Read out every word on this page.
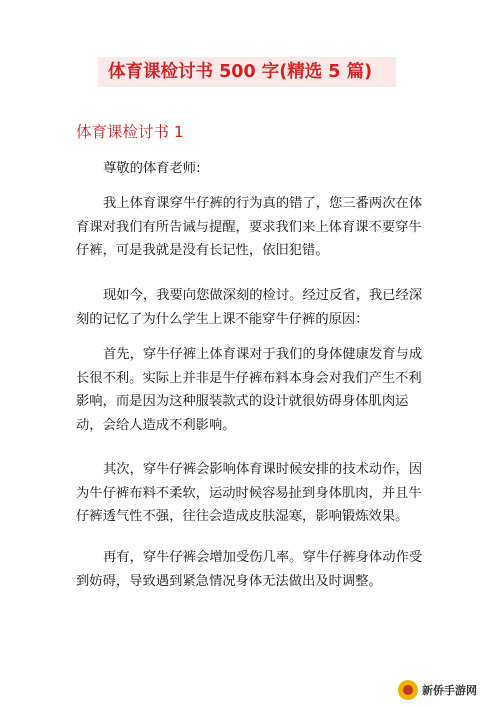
体育课检讨书 500 字(精选 5 篇)
体育课检讨书 1

尊敬的体育老师:

我上体育课穿牛仔裤的行为真的错了，您三番两次在体育课对我们有所告诫与提醒，要求我们来上体育课不要穿牛仔裤，可是我就是没有长记性，依旧犯错。

现如今，我要向您做深刻的检讨。经过反省，我已经深刻的记忆了为什么学生上课不能穿牛仔裤的原因：

首先，穿牛仔裤上体育课对于我们的身体健康发育与成长很不利。实际上并非是牛仔裤布料本身会对我们产生不利影响，而是因为这种服装款式的设计就很妨碍身体肌肉运动，会给人造成不利影响。

其次，穿牛仔裤会影响体育课时候安排的技术动作，因为牛仔裤布料不柔软，运动时候容易扯到身体肌肉，并且牛仔裤透气性不强，往往会造成皮肤湿寒，影响锻炼效果。

再有，穿牛仔裤会增加受伤几率。穿牛仔裤身体动作受到妨碍，导致遇到紧急情况身体无法做出及时调整。

新侨手游网
